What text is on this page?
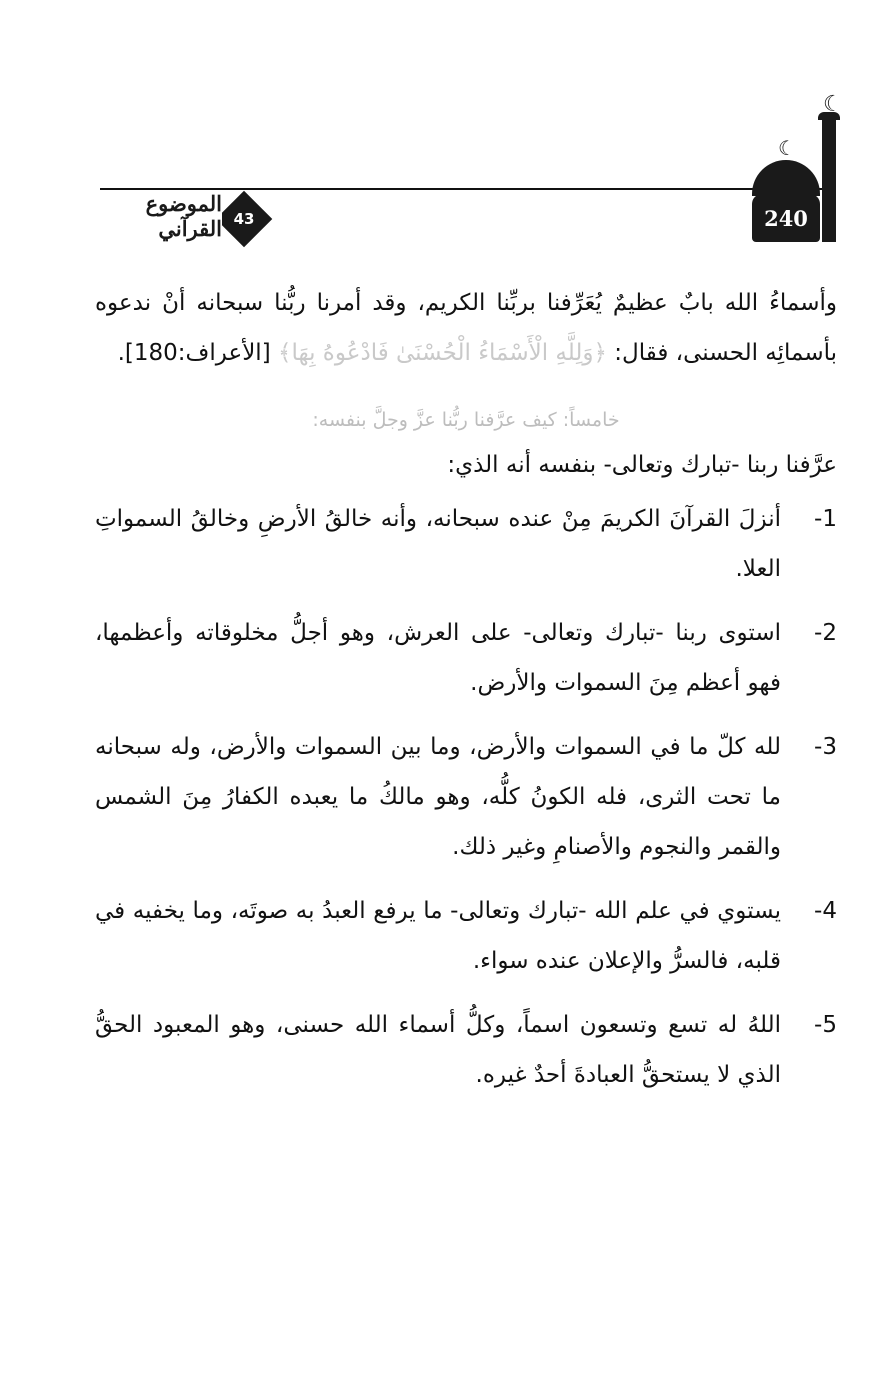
☾
☾
240
43
الموضوع القرآني

وأسماءُ الله بابٌ عظيمٌ يُعَرِّفنا بربِّنا الكريم، وقد أمرنا ربُّنا سبحانه أنْ ندعوه بأسمائِه الحسنى، فقال: ﴿وَلِلَّهِ الْأَسْمَاءُ الْحُسْنَىٰ فَادْعُوهُ بِهَا﴾ [الأعراف:180].

خامساً: كيف عرَّفنا ربُّنا عزَّ وجلَّ بنفسه:

عرَّفنا ربنا -تبارك وتعالى- بنفسه أنه الذي:

1-
أنزلَ القرآنَ الكريمَ مِنْ عنده سبحانه، وأنه خالقُ الأرضِ وخالقُ السمواتِ العلا.
2-
استوى ربنا -تبارك وتعالى- على العرش، وهو أجلُّ مخلوقاته وأعظمها، فهو أعظم مِنَ السموات والأرض.
3-
لله كلّ ما في السموات والأرض، وما بين السموات والأرض، وله سبحانه ما تحت الثرى، فله الكونُ كلُّه، وهو مالكُ ما يعبده الكفارُ مِنَ الشمس والقمر والنجوم والأصنامِ وغير ذلك.
4-
يستوي في علم الله -تبارك وتعالى- ما يرفع العبدُ به صوتَه، وما يخفيه في قلبه، فالسرُّ والإعلان عنده سواء.
5-
اللهُ له تسع وتسعون اسماً، وكلُّ أسماء الله حسنى، وهو المعبود الحقُّ الذي لا يستحقُّ العبادةَ أحدٌ غيره.
